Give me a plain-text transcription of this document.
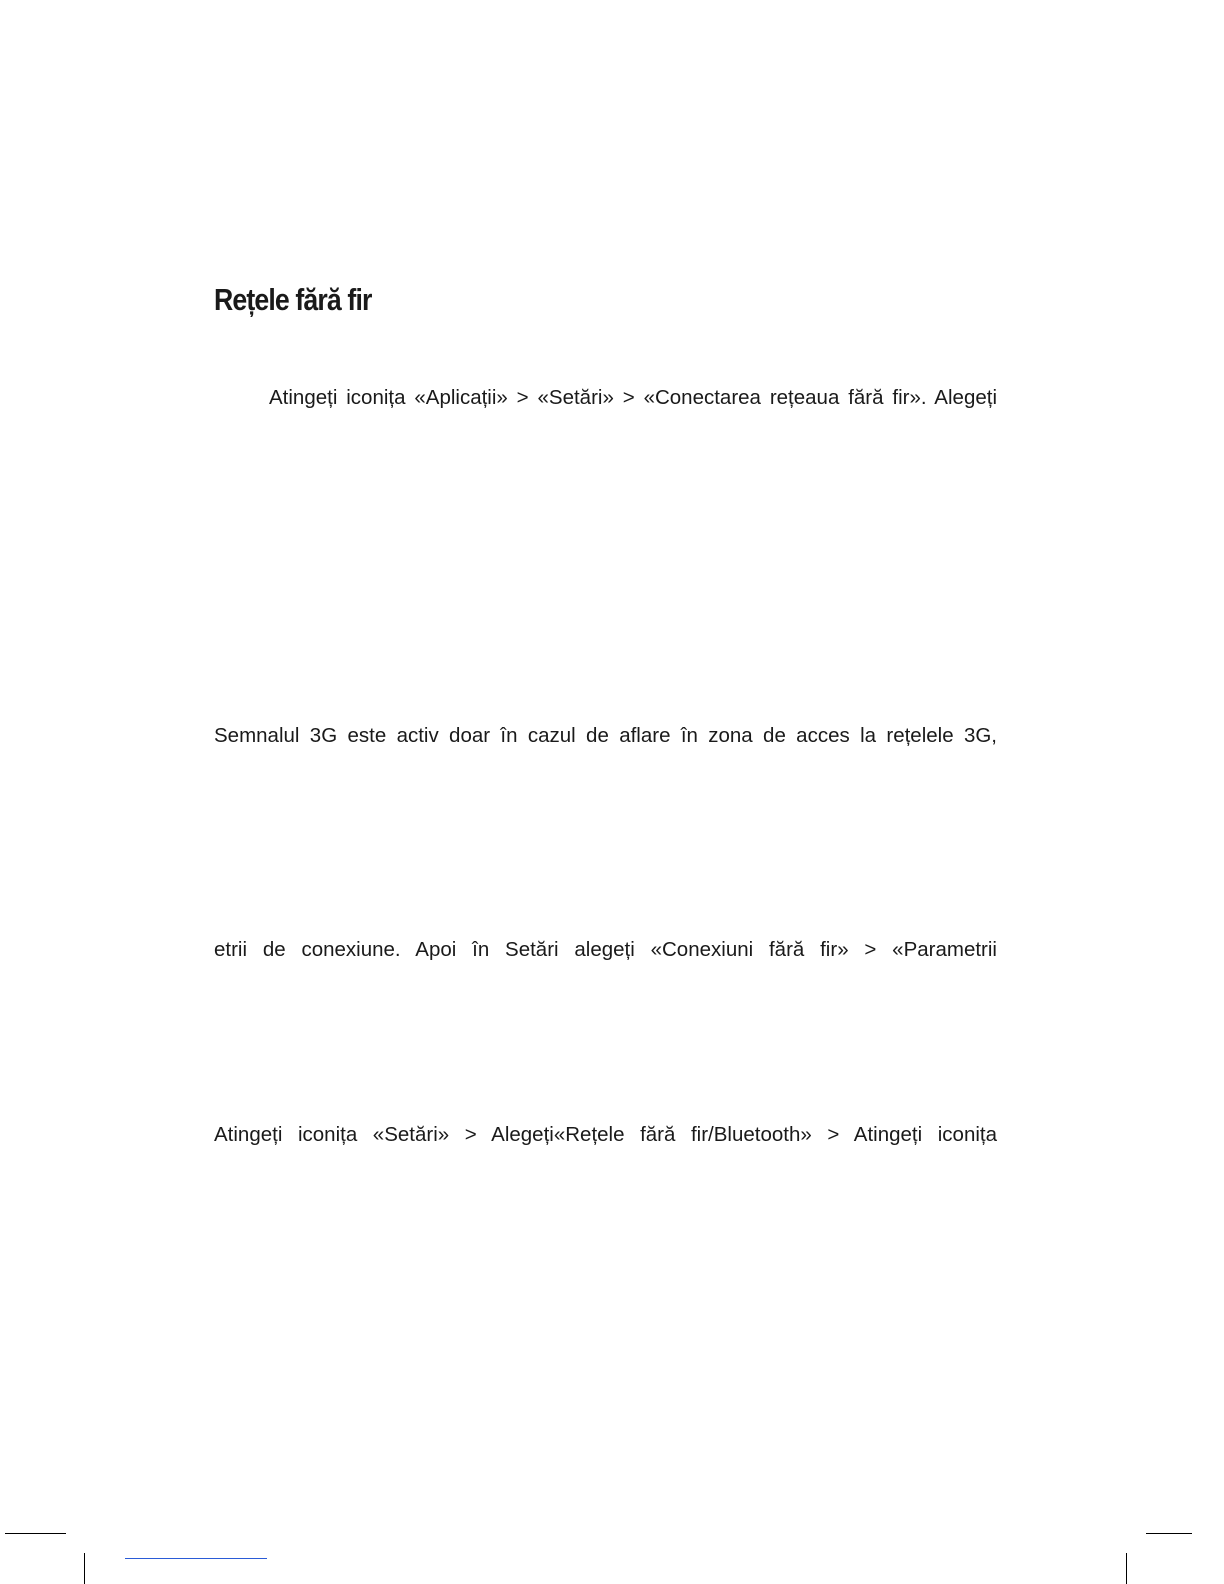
Rețele fără fir

Atingeți iconița «Aplicații» > «Setări» > «Conectarea rețeaua fără fir». Alegeți

Semnalul 3G este activ doar în cazul de aflare în zona de acces la rețelele 3G,

etrii de conexiune. Apoi în Setări alegeți «Conexiuni fără fir» > «Parametrii

Atingeți iconița «Setări» > Alegeți«Rețele fără fir/Bluetooth» > Atingeți iconița
